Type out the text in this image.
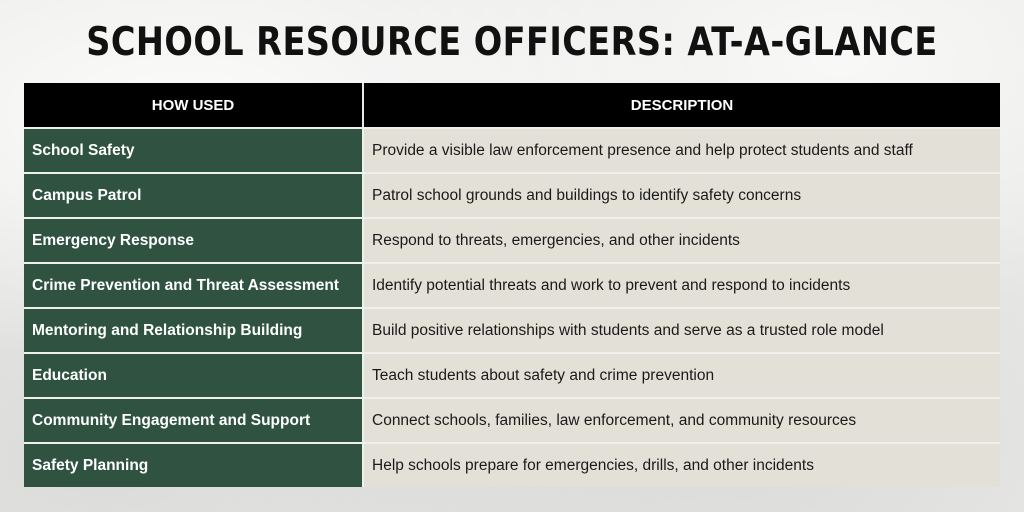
SCHOOL RESOURCE OFFICERS: AT-A-GLANCE
HOW USED	DESCRIPTION
School Safety	Provide a visible law enforcement presence and help protect students and staff
Campus Patrol	Patrol school grounds and buildings to identify safety concerns
Emergency Response	Respond to threats, emergencies, and other incidents
Crime Prevention and Threat Assessment	Identify potential threats and work to prevent and respond to incidents
Mentoring and Relationship Building	Build positive relationships with students and serve as a trusted role model
Education	Teach students about safety and crime prevention
Community Engagement and Support	Connect schools, families, law enforcement, and community resources
Safety Planning	Help schools prepare for emergencies, drills, and other incidents
